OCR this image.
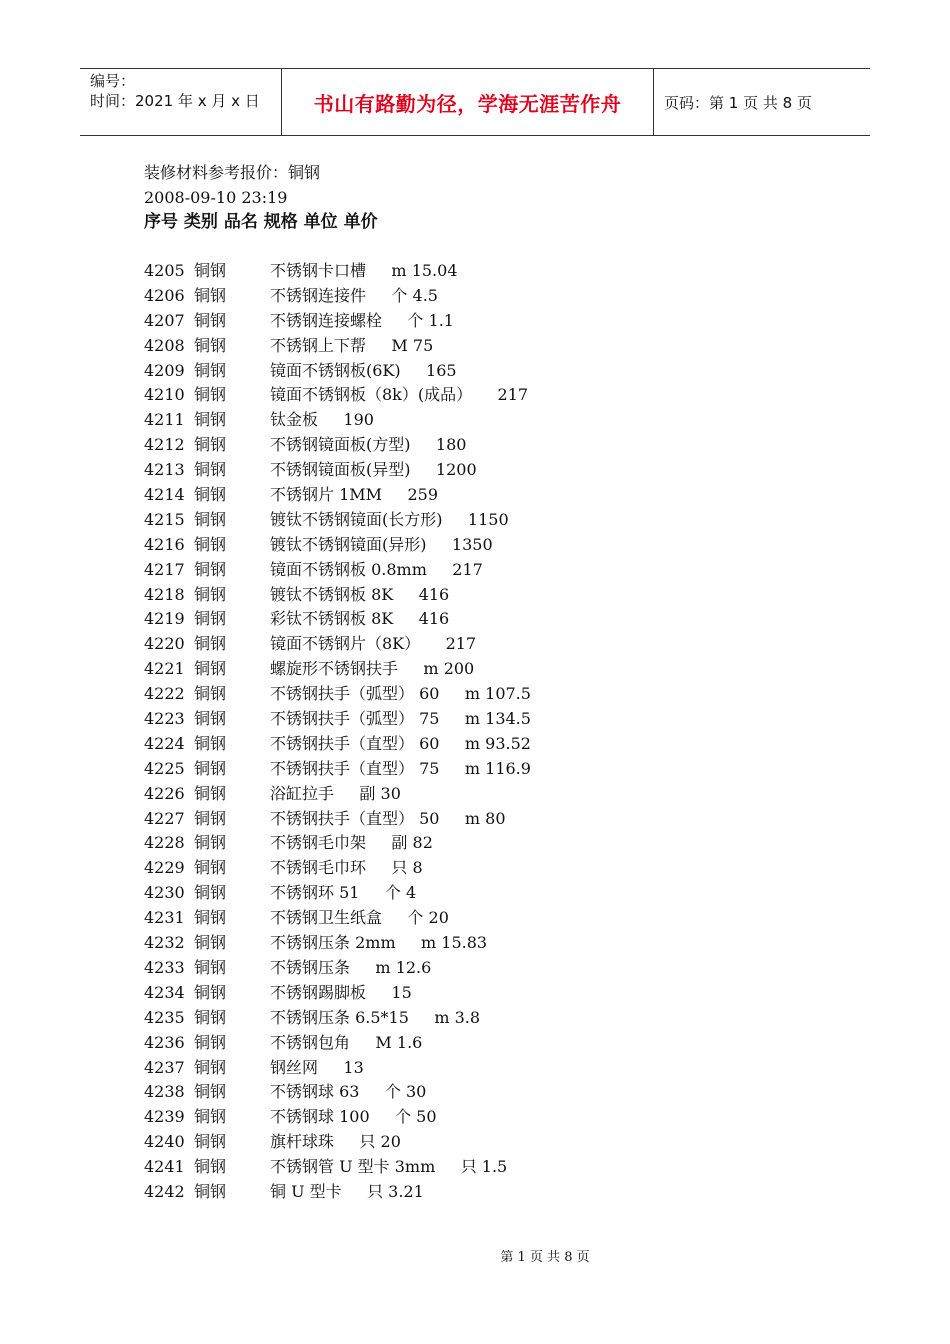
编号：
时间：2021 年 x 月 x 日	书山有路勤为径，学海无涯苦作舟	页码：第 1 页 共 8 页
装修材料参考报价：铜钢
2008-09-10 23:19
序号 类别 品名 规格 单位 单价
4205 铜钢	不锈钢卡口槽     m 15.04
4206 铜钢	不锈钢连接件     个 4.5
4207 铜钢	不锈钢连接螺栓     个 1.1
4208 铜钢	不锈钢上下帮     M 75
4209 铜钢	镜面不锈钢板(6K)     165
4210 铜钢	镜面不锈钢板（8k）(成品）     217
4211 铜钢	钛金板     190
4212 铜钢	不锈钢镜面板(方型)     180
4213 铜钢	不锈钢镜面板(异型)     1200
4214 铜钢	不锈钢片 1MM     259
4215 铜钢	镀钛不锈钢镜面(长方形)     1150
4216 铜钢	镀钛不锈钢镜面(异形)     1350
4217 铜钢	镜面不锈钢板 0.8mm     217
4218 铜钢	镀钛不锈钢板 8K     416
4219 铜钢	彩钛不锈钢板 8K     416
4220 铜钢	镜面不锈钢片（8K）     217
4221 铜钢	螺旋形不锈钢扶手     m 200
4222 铜钢	不锈钢扶手（弧型） 60     m 107.5
4223 铜钢	不锈钢扶手（弧型） 75     m 134.5
4224 铜钢	不锈钢扶手（直型） 60     m 93.52
4225 铜钢	不锈钢扶手（直型） 75     m 116.9
4226 铜钢	浴缸拉手     副 30
4227 铜钢	不锈钢扶手（直型） 50     m 80
4228 铜钢	不锈钢毛巾架     副 82
4229 铜钢	不锈钢毛巾环     只 8
4230 铜钢	不锈钢环 51     个 4
4231 铜钢	不锈钢卫生纸盒     个 20
4232 铜钢	不锈钢压条 2mm     m 15.83
4233 铜钢	不锈钢压条     m 12.6
4234 铜钢	不锈钢踢脚板     15
4235 铜钢	不锈钢压条 6.5*15     m 3.8
4236 铜钢	不锈钢包角     M 1.6
4237 铜钢	钢丝网     13
4238 铜钢	不锈钢球 63     个 30
4239 铜钢	不锈钢球 100     个 50
4240 铜钢	旗杆球珠     只 20
4241 铜钢	不锈钢管 U 型卡 3mm     只 1.5
4242 铜钢	铜 U 型卡     只 3.21
第 1 页 共 8 页
